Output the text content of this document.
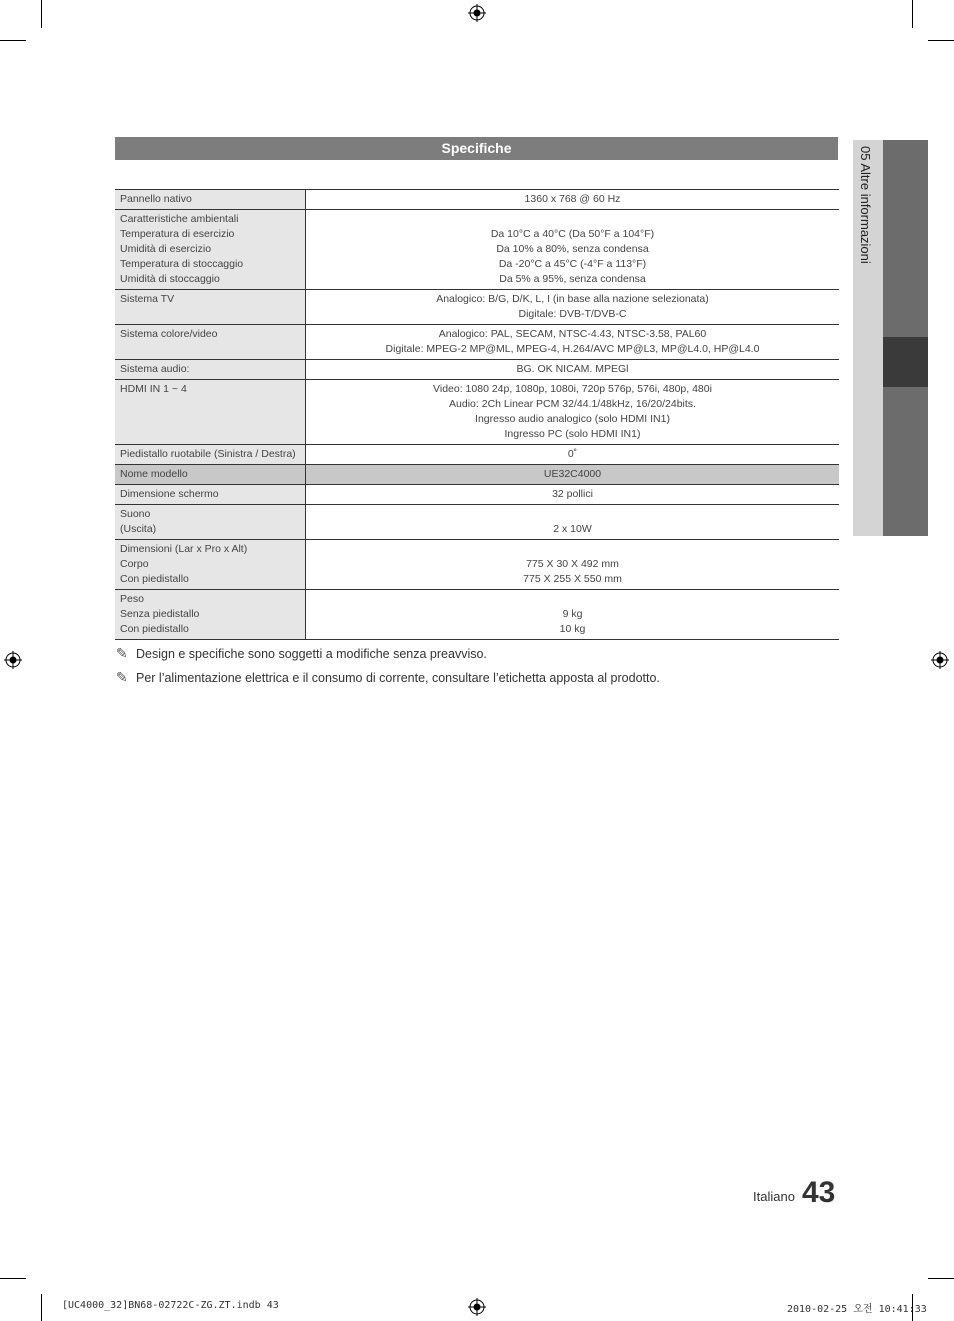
Specifiche
Pannello nativo	1360 x 768 @ 60 Hz

Caratteristiche ambientali
Temperatura di esercizio
Umidità di esercizio
Temperatura di stoccaggio
Umidità di stoccaggio	Da 10°C a 40°C (Da 50°F a 104°F)
Da 10% a 80%, senza condensa
Da -20°C a 45°C (-4°F a 113°F)
Da 5% a 95%, senza condensa

Sistema TV	Analogico: B/G, D/K, L, I (in base alla nazione selezionata)
Digitale: DVB-T/DVB-C

Sistema colore/video	Analogico: PAL, SECAM, NTSC-4.43, NTSC-3.58, PAL60
Digitale: MPEG-2 MP@ML, MPEG-4, H.264/AVC MP@L3, MP@L4.0, HP@L4.0

Sistema audio:	BG. OK NICAM. MPEGl

HDMI IN 1 ~ 4	Video: 1080 24p, 1080p, 1080i, 720p 576p, 576i, 480p, 480i
Audio: 2Ch Linear PCM 32/44.1/48kHz, 16/20/24bits.
Ingresso audio analogico (solo HDMI IN1)
Ingresso PC (solo HDMI IN1)

Piedistallo ruotabile (Sinistra / Destra)	0˚

Nome modello	UE32C4000

Dimensione schermo	32 pollici

Suono
(Uscita)	2 x 10W

Dimensioni (Lar x Pro x Alt)
Corpo
Con piedistallo	775 X 30 X 492 mm
775 X 255 X 550 mm

Peso
Senza piedistallo
Con piedistallo	9 kg
10 kg
✎ Design e specifiche sono soggetti a modifiche senza preavviso.
✎ Per l’alimentazione elettrica e il consumo di corrente, consultare l’etichetta apposta al prodotto.
05 Altre informazioni
Italiano 43
[UC4000_32]BN68-02722C-ZG.ZT.indb 43	2010-02-25 오전 10:41:33
